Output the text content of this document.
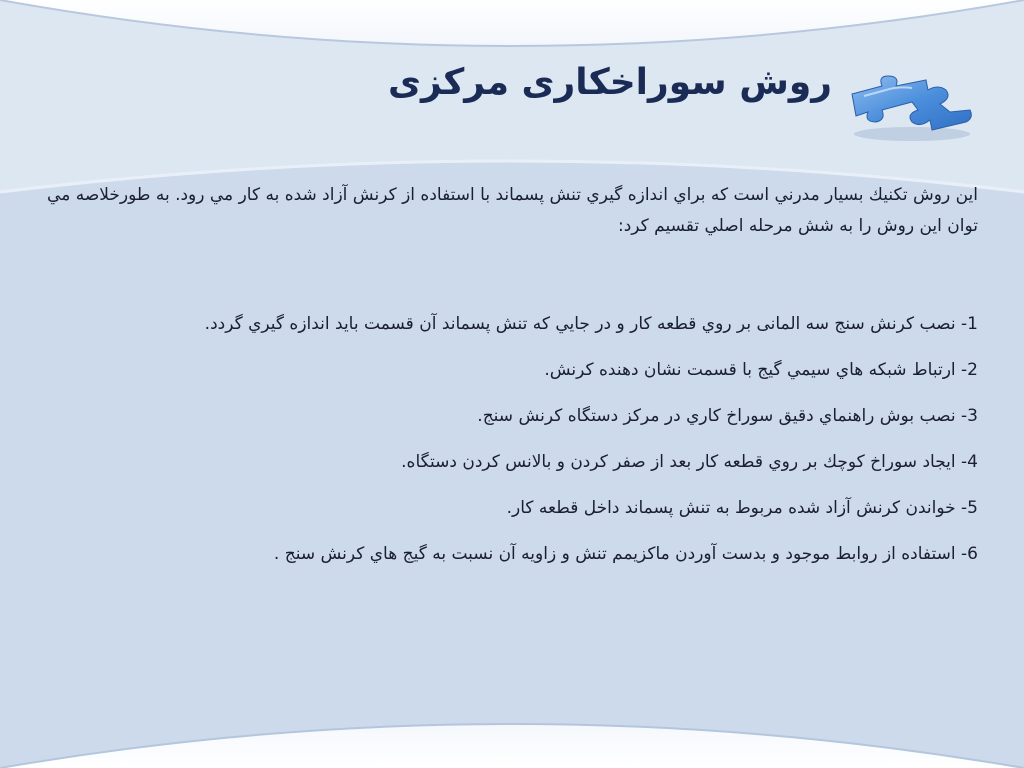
روش سوراخکاری مرکزی

اين روش تكنيك بسيار مدرني است كه براي اندازه گيري تنش پسماند با استفاده از كرنش آزاد شده به كار مي رود. به طورخلاصه مي توان اين روش را به شش مرحله اصلي تقسيم كرد:

1- نصب كرنش سنج سه المانی بر روي قطعه كار و در جايي كه تنش پسماند آن قسمت بايد اندازه گيري گردد.
2- ارتباط شبكه هاي سيمي گيج با قسمت نشان دهنده كرنش.
3- نصب بوش راهنماي دقيق سوراخ كاري در مركز دستگاه كرنش سنج.
4- ايجاد سوراخ كوچك بر روي قطعه كار بعد از صفر كردن و بالانس كردن دستگاه.
5- خواندن كرنش آزاد شده مربوط به تنش پسماند داخل قطعه كار.
6- استفاده از روابط موجود و بدست آوردن ماكزيمم تنش و زاويه آن نسبت به گيج هاي كرنش سنج .
